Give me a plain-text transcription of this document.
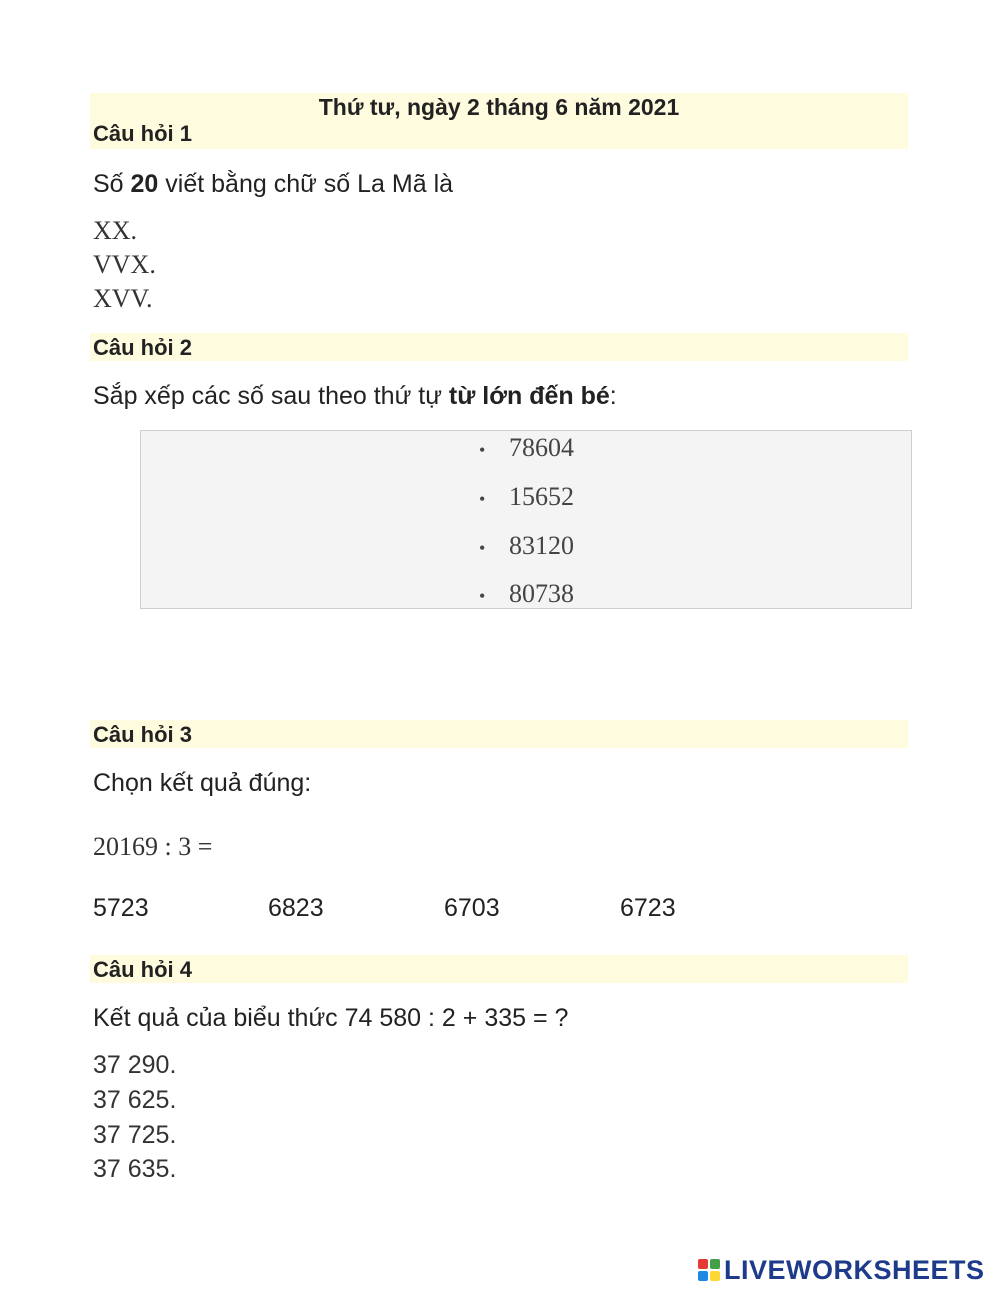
Thứ tư, ngày 2 tháng 6 năm 2021
Câu hỏi 1
Số 20 viết bằng chữ số La Mã là
XX.
VVX.
XVV.
Câu hỏi 2
Sắp xếp các số sau theo thứ tự từ lớn đến bé:
• 78604
• 15652
• 83120
• 80738
Câu hỏi 3
Chọn kết quả đúng:
20169 : 3 =
5723	6823	6703	6723
Câu hỏi 4
Kết quả của biểu thức 74 580 : 2 + 335 = ?
37 290.
37 625.
37 725.
37 635.
LIVEWORKSHEETS
